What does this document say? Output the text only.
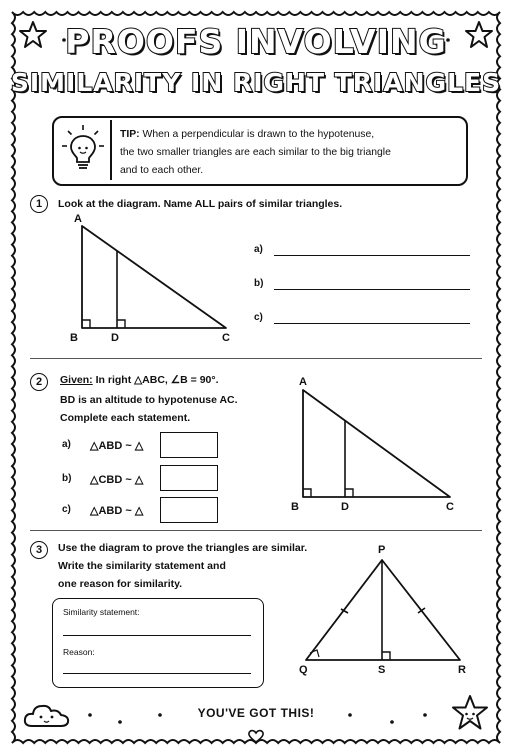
PROOFS INVOLVING
SIMILARITY IN RIGHT TRIANGLES
TIP: When a perpendicular is drawn to the hypotenuse,
the two smaller triangles are each similar to the big triangle
and to each other.
1	Look at the diagram. Name ALL pairs of similar triangles.
A
B	D	C
a)
b)
c)
2	Given: In right △ABC, ∠B = 90°.
BD is an altitude to hypotenuse AC.
Complete each statement.
a) △ABD ~ △
b) △CBD ~ △
c) △ABD ~ △
A
B	D	C
3	Use the diagram to prove the triangles are similar.
Write the similarity statement and
one reason for similarity.
Similarity statement:
Reason:
P
Q	S	R
YOU'VE GOT THIS!
